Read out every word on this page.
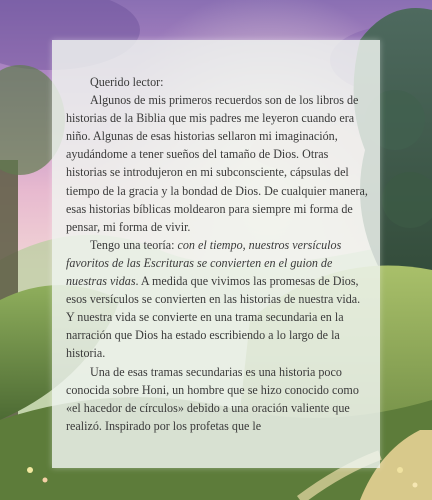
Querido lector:

Algunos de mis primeros recuerdos son de los libros de historias de la Biblia que mis padres me leyeron cuando era niño. Algunas de esas historias sellaron mi imaginación, ayudándome a tener sueños del tamaño de Dios. Otras historias se introdujeron en mi subconsciente, cápsulas del tiempo de la gracia y la bondad de Dios. De cualquier manera, esas historias bíblicas moldearon para siempre mi forma de pensar, mi forma de vivir.

Tengo una teoría: con el tiempo, nuestros versículos favoritos de las Escrituras se convierten en el guion de nuestras vidas. A medida que vivimos las promesas de Dios, esos versículos se convierten en las historias de nuestra vida. Y nuestra vida se convierte en una trama secundaria en la narración que Dios ha estado escribiendo a lo largo de la historia.

Una de esas tramas secundarias es una historia poco conocida sobre Honi, un hombre que se hizo conocido como «el hacedor de círculos» debido a una oración valiente que realizó. Inspirado por los profetas que le
